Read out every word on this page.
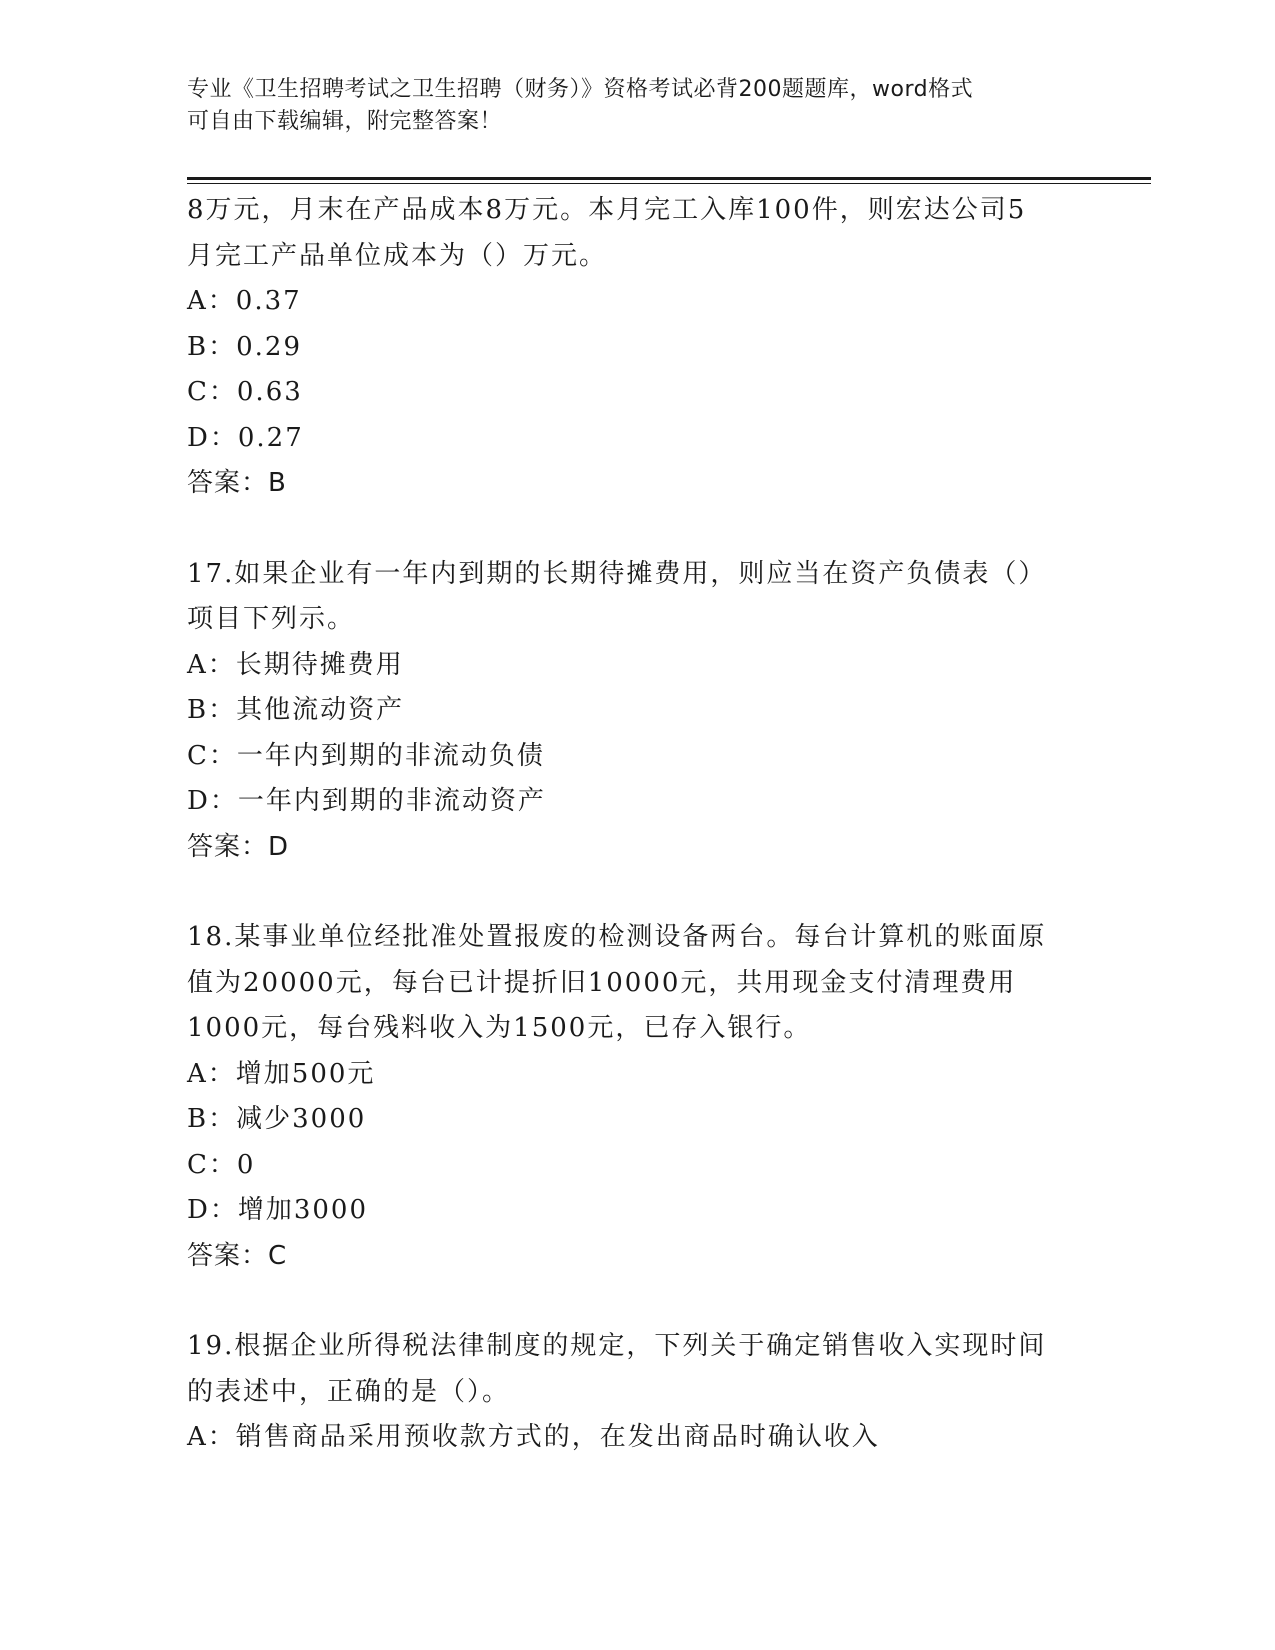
专业《卫生招聘考试之卫生招聘（财务）》资格考试必背200题题库，word格式
可自由下载编辑，附完整答案！
8万元，月末在产品成本8万元。本月完工入库100件，则宏达公司5
月完工产品单位成本为（）万元。
A：0.37
B：0.29
C：0.63
D：0.27
答案：B
17.如果企业有一年内到期的长期待摊费用，则应当在资产负债表（）
项目下列示。
A：长期待摊费用
B：其他流动资产
C：一年内到期的非流动负债
D：一年内到期的非流动资产
答案：D
18.某事业单位经批准处置报废的检测设备两台。每台计算机的账面原
值为20000元，每台已计提折旧10000元，共用现金支付清理费用
1000元，每台残料收入为1500元，已存入银行。
A：增加500元
B：减少3000
C：0
D：增加3000
答案：C
19.根据企业所得税法律制度的规定，下列关于确定销售收入实现时间
的表述中，正确的是（）。
A：销售商品采用预收款方式的，在发出商品时确认收入
